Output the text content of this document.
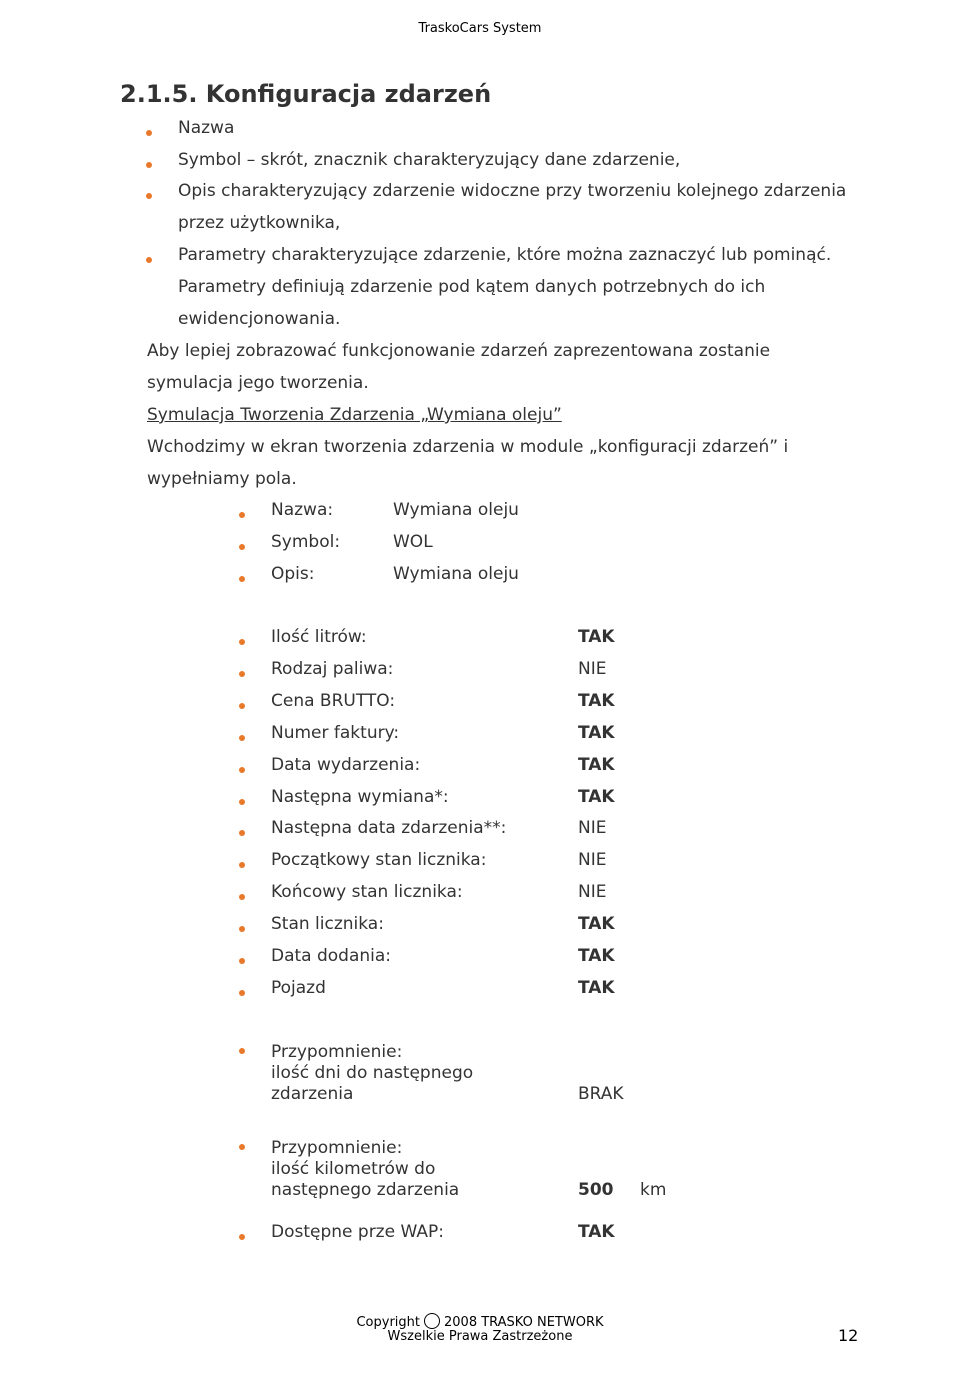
TraskoCars System
2.1.5. Konfiguracja zdarzeń
Nazwa
Symbol – skrót, znacznik charakteryzujący dane zdarzenie,
Opis charakteryzujący zdarzenie widoczne przy tworzeniu kolejnego zdarzenia
przez użytkownika,
Parametry charakteryzujące zdarzenie, które można zaznaczyć lub pominąć.
Parametry definiują zdarzenie pod kątem danych potrzebnych do ich
ewidencjonowania.
Aby lepiej zobrazować funkcjonowanie zdarzeń zaprezentowana zostanie
symulacja jego tworzenia.
Symulacja Tworzenia Zdarzenia „Wymiana oleju”
Wchodzimy w ekran tworzenia zdarzenia w module „konfiguracji zdarzeń” i
wypełniamy pola.
Nazwa:	Wymiana oleju
Symbol:	WOL
Opis:	Wymiana oleju
Ilość litrów:	TAK
Rodzaj paliwa:	NIE
Cena BRUTTO:	TAK
Numer faktury:	TAK
Data wydarzenia:	TAK
Następna wymiana*:	TAK
Następna data zdarzenia**:	NIE
Początkowy stan licznika:	NIE
Końcowy stan licznika:	NIE
Stan licznika:	TAK
Data dodania:	TAK
Pojazd	TAK
Przypomnienie:
ilość dni do następnego
zdarzenia	BRAK
Przypomnienie:
ilość kilometrów do
następnego zdarzenia	500 km
Dostępne prze WAP:	TAK
Copyright 2008 TRASKO NETWORK
Wszelkie Prawa Zastrzeżone	12
